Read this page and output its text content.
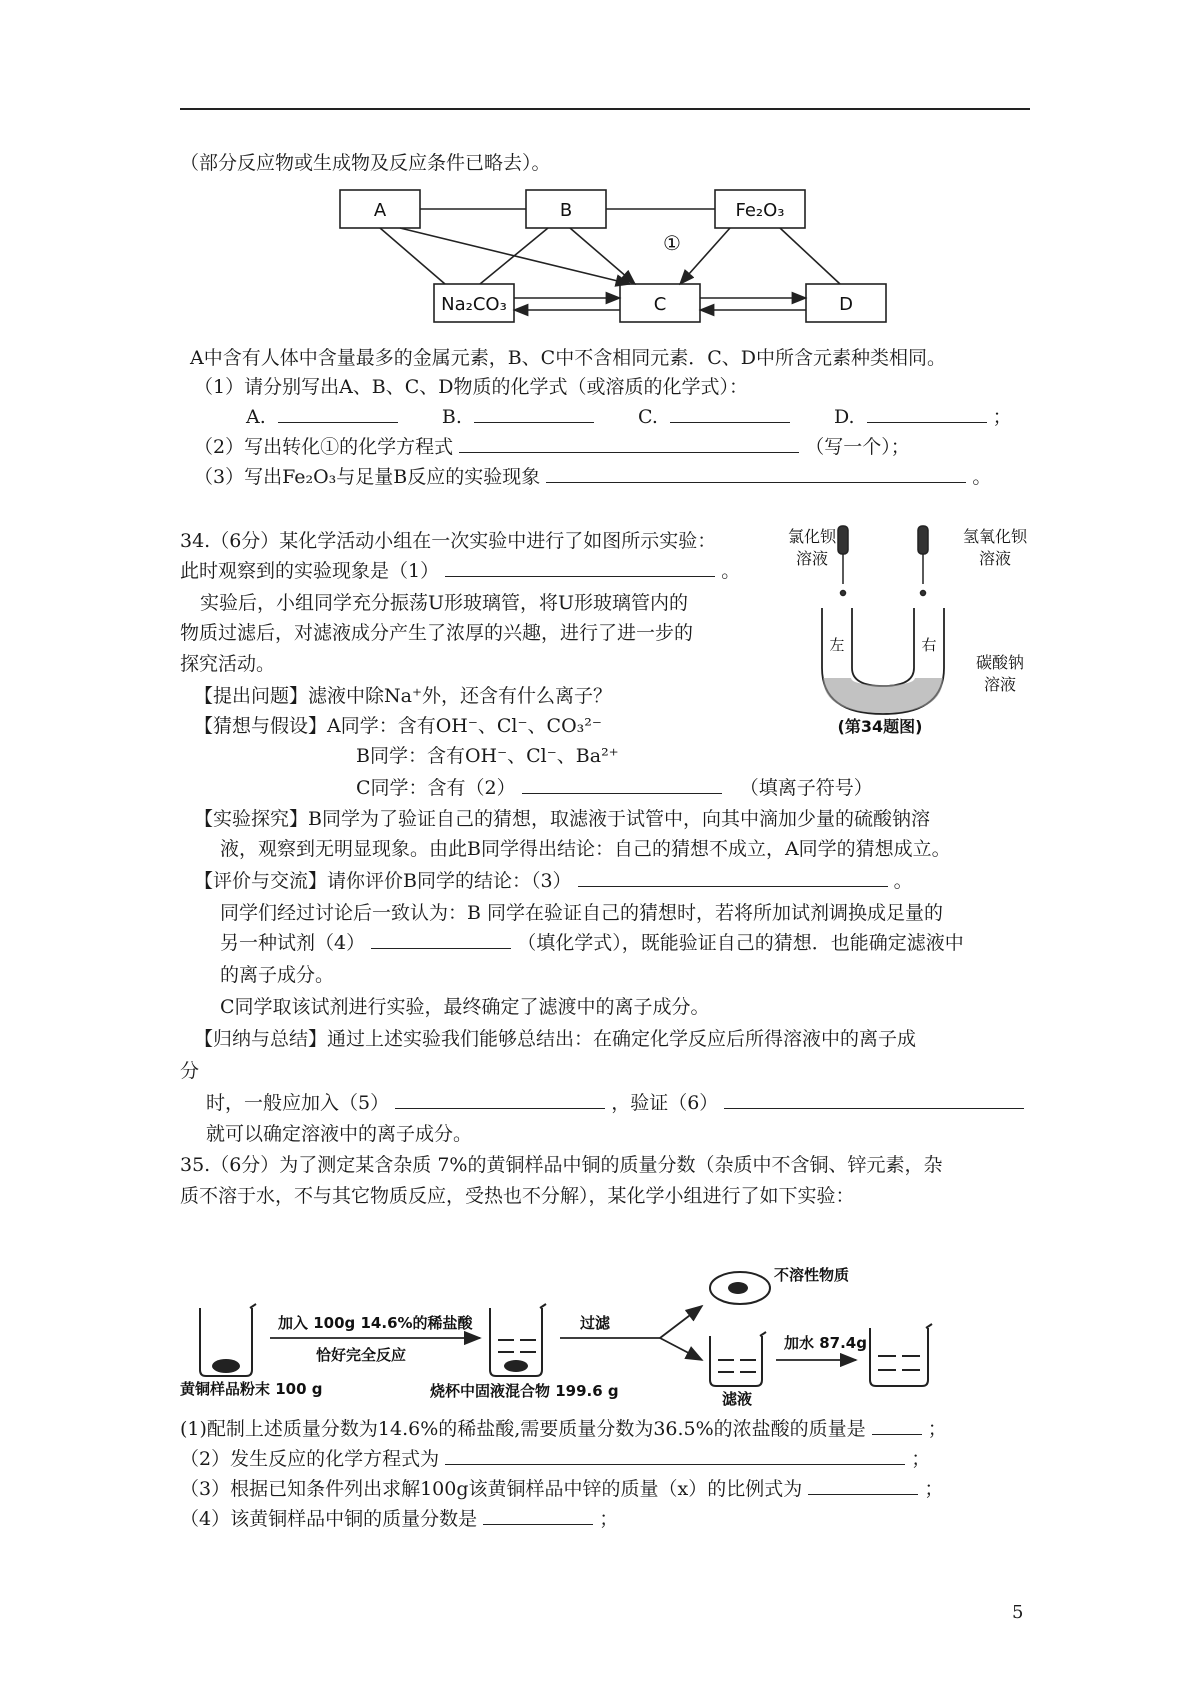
（部分反应物或生成物及反应条件已略去）。
A	B	Fe₂O₃
Na₂CO₃	C	D
①
A中含有人体中含量最多的金属元素，B、C中不含相同元素．C、D中所含元素种类相同。
（1）请分别写出A、B、C、D物质的化学式（或溶质的化学式）：
A.	B.	C.	D.	；
（2）写出转化①的化学方程式	（写一个）；
（3）写出Fe₂O₃与足量B反应的实验现象	。
34.（6分）某化学活动小组在一次实验中进行了如图所示实验：
此时观察到的实验现象是（1）	。
实验后，小组同学充分振荡U形玻璃管，将U形玻璃管内的
物质过滤后，对滤液成分产生了浓厚的兴趣，进行了进一步的
探究活动。
【提出问题】滤液中除Na⁺外，还含有什么离子？
【猜想与假设】A同学：含有OH⁻、Cl⁻、CO₃²⁻
B同学：含有OH⁻、Cl⁻、Ba²⁺
C同学：含有（2）	（填离子符号）
【实验探究】B同学为了验证自己的猜想，取滤液于试管中，向其中滴加少量的硫酸钠溶
液，观察到无明显现象。由此B同学得出结论：自己的猜想不成立，A同学的猜想成立。
【评价与交流】请你评价B同学的结论：（3）	。
同学们经过讨论后一致认为：B 同学在验证自己的猜想时，若将所加试剂调换成足量的
另一种试剂（4）	（填化学式），既能验证自己的猜想．也能确定滤液中
的离子成分。
C同学取该试剂进行实验，最终确定了滤渡中的离子成分。
【归纳与总结】通过上述实验我们能够总结出：在确定化学反应后所得溶液中的离子成
分
时，一般应加入（5）	，验证（6）
就可以确定溶液中的离子成分。
氯化钡
溶液
氢氧化钡
溶液
碳酸钠
溶液
(第34题图)
左	右
35.（6分）为了测定某含杂质 7%的黄铜样品中铜的质量分数（杂质中不含铜、锌元素，杂
质不溶于水，不与其它物质反应，受热也不分解），某化学小组进行了如下实验：
加入 100g 14.6%的稀盐酸
恰好完全反应
黄铜样品粉末 100 g	烧杯中固液混合物 199.6 g
过滤
不溶性物质
滤液
加水 87.4g
(1)配制上述质量分数为14.6%的稀盐酸,需要质量分数为36.5%的浓盐酸的质量是	；
（2）发生反应的化学方程式为	；
（3）根据已知条件列出求解100g该黄铜样品中锌的质量（x）的比例式为	；
（4）该黄铜样品中铜的质量分数是	；
5
